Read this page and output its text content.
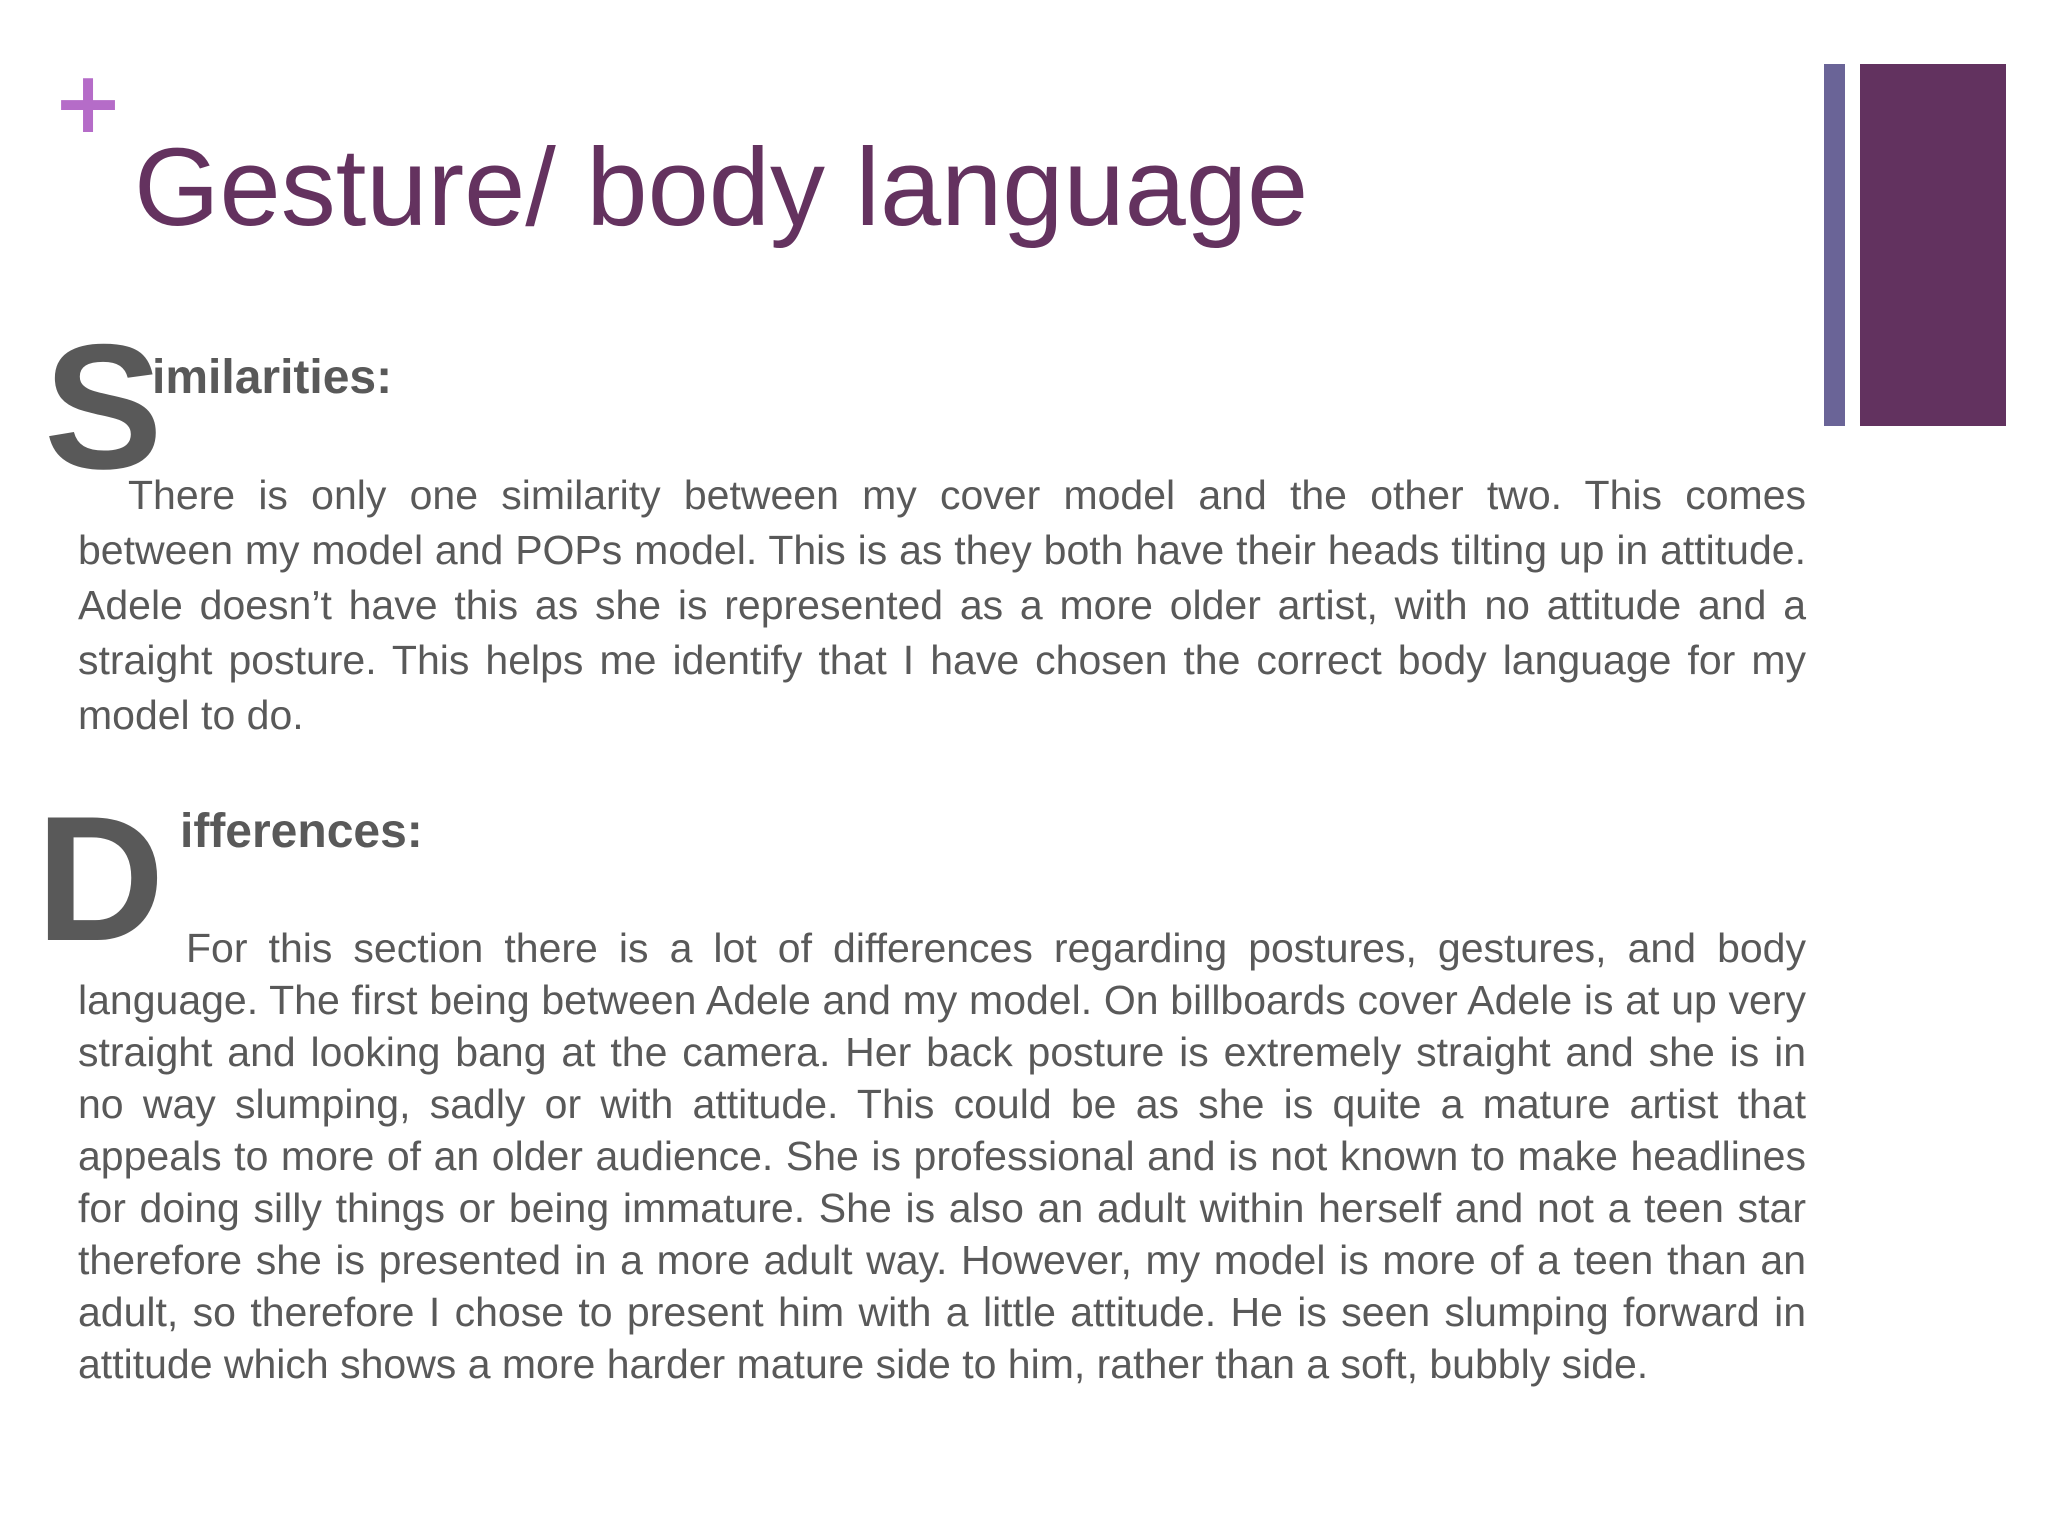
+
Gesture/ body language
S
imilarities:

There is only one similarity between my cover model and the other two. This comes between my model and POPs model. This is as they both have their heads tilting up in attitude. Adele doesn’t have this as she is represented as a more older artist, with no attitude and a straight posture. This helps me identify that I have chosen the correct body language for my model to do.

D ifferences:

For this section there is a lot of differences regarding postures, gestures, and body language. The first being between Adele and my model. On billboards cover Adele is at up very straight and looking bang at the camera. Her back posture is extremely straight and she is in no way slumping, sadly or with attitude. This could be as she is quite a mature artist that appeals to more of an older audience. She is professional and is not known to make headlines for doing silly things or being immature. She is also an adult within herself and not a teen star therefore she is presented in a more adult way. However, my model is more of a teen than an adult, so therefore I chose to present him with a little attitude. He is seen slumping forward in attitude which shows a more harder mature side to him, rather than a soft, bubbly side.
